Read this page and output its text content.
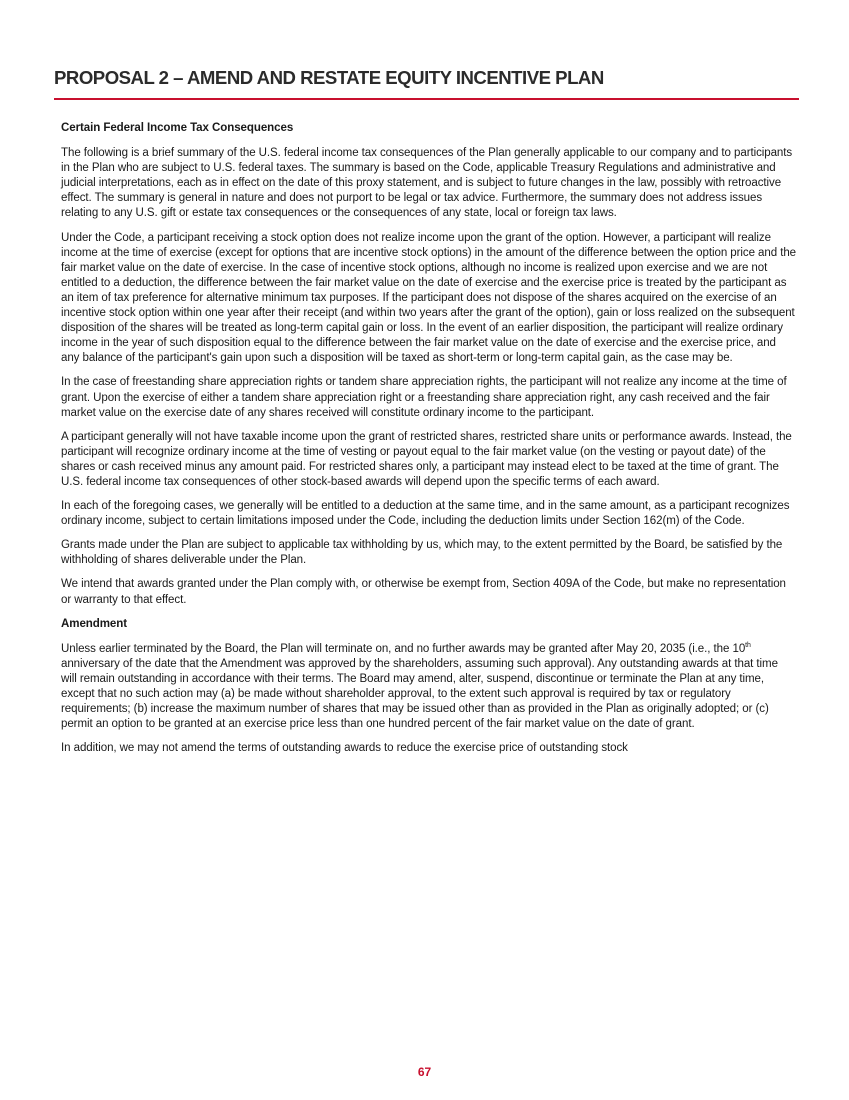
PROPOSAL 2 – AMEND AND RESTATE EQUITY INCENTIVE PLAN
Certain Federal Income Tax Consequences

The following is a brief summary of the U.S. federal income tax consequences of the Plan generally applicable to our company and to participants in the Plan who are subject to U.S. federal taxes. The summary is based on the Code, applicable Treasury Regulations and administrative and judicial interpretations, each as in effect on the date of this proxy statement, and is subject to future changes in the law, possibly with retroactive effect. The summary is general in nature and does not purport to be legal or tax advice. Furthermore, the summary does not address issues relating to any U.S. gift or estate tax consequences or the consequences of any state, local or foreign tax laws.

Under the Code, a participant receiving a stock option does not realize income upon the grant of the option. However, a participant will realize income at the time of exercise (except for options that are incentive stock options) in the amount of the difference between the option price and the fair market value on the date of exercise. In the case of incentive stock options, although no income is realized upon exercise and we are not entitled to a deduction, the difference between the fair market value on the date of exercise and the exercise price is treated by the participant as an item of tax preference for alternative minimum tax purposes. If the participant does not dispose of the shares acquired on the exercise of an incentive stock option within one year after their receipt (and within two years after the grant of the option), gain or loss realized on the subsequent disposition of the shares will be treated as long-term capital gain or loss. In the event of an earlier disposition, the participant will realize ordinary income in the year of such disposition equal to the difference between the fair market value on the date of exercise and the exercise price, and any balance of the participant's gain upon such a disposition will be taxed as short-term or long-term capital gain, as the case may be.

In the case of freestanding share appreciation rights or tandem share appreciation rights, the participant will not realize any income at the time of grant. Upon the exercise of either a tandem share appreciation right or a freestanding share appreciation right, any cash received and the fair market value on the exercise date of any shares received will constitute ordinary income to the participant.

A participant generally will not have taxable income upon the grant of restricted shares, restricted share units or performance awards. Instead, the participant will recognize ordinary income at the time of vesting or payout equal to the fair market value (on the vesting or payout date) of the shares or cash received minus any amount paid. For restricted shares only, a participant may instead elect to be taxed at the time of grant. The U.S. federal income tax consequences of other stock-based awards will depend upon the specific terms of each award.

In each of the foregoing cases, we generally will be entitled to a deduction at the same time, and in the same amount, as a participant recognizes ordinary income, subject to certain limitations imposed under the Code, including the deduction limits under Section 162(m) of the Code.

Grants made under the Plan are subject to applicable tax withholding by us, which may, to the extent permitted by the Board, be satisfied by the withholding of shares deliverable under the Plan.

We intend that awards granted under the Plan comply with, or otherwise be exempt from, Section 409A of the Code, but make no representation or warranty to that effect.

Amendment

Unless earlier terminated by the Board, the Plan will terminate on, and no further awards may be granted after May 20, 2035 (i.e., the 10th anniversary of the date that the Amendment was approved by the shareholders, assuming such approval). Any outstanding awards at that time will remain outstanding in accordance with their terms. The Board may amend, alter, suspend, discontinue or terminate the Plan at any time, except that no such action may (a) be made without shareholder approval, to the extent such approval is required by tax or regulatory requirements; (b) increase the maximum number of shares that may be issued other than as provided in the Plan as originally adopted; or (c) permit an option to be granted at an exercise price less than one hundred percent of the fair market value on the date of grant.

In addition, we may not amend the terms of outstanding awards to reduce the exercise price of outstanding stock

67
